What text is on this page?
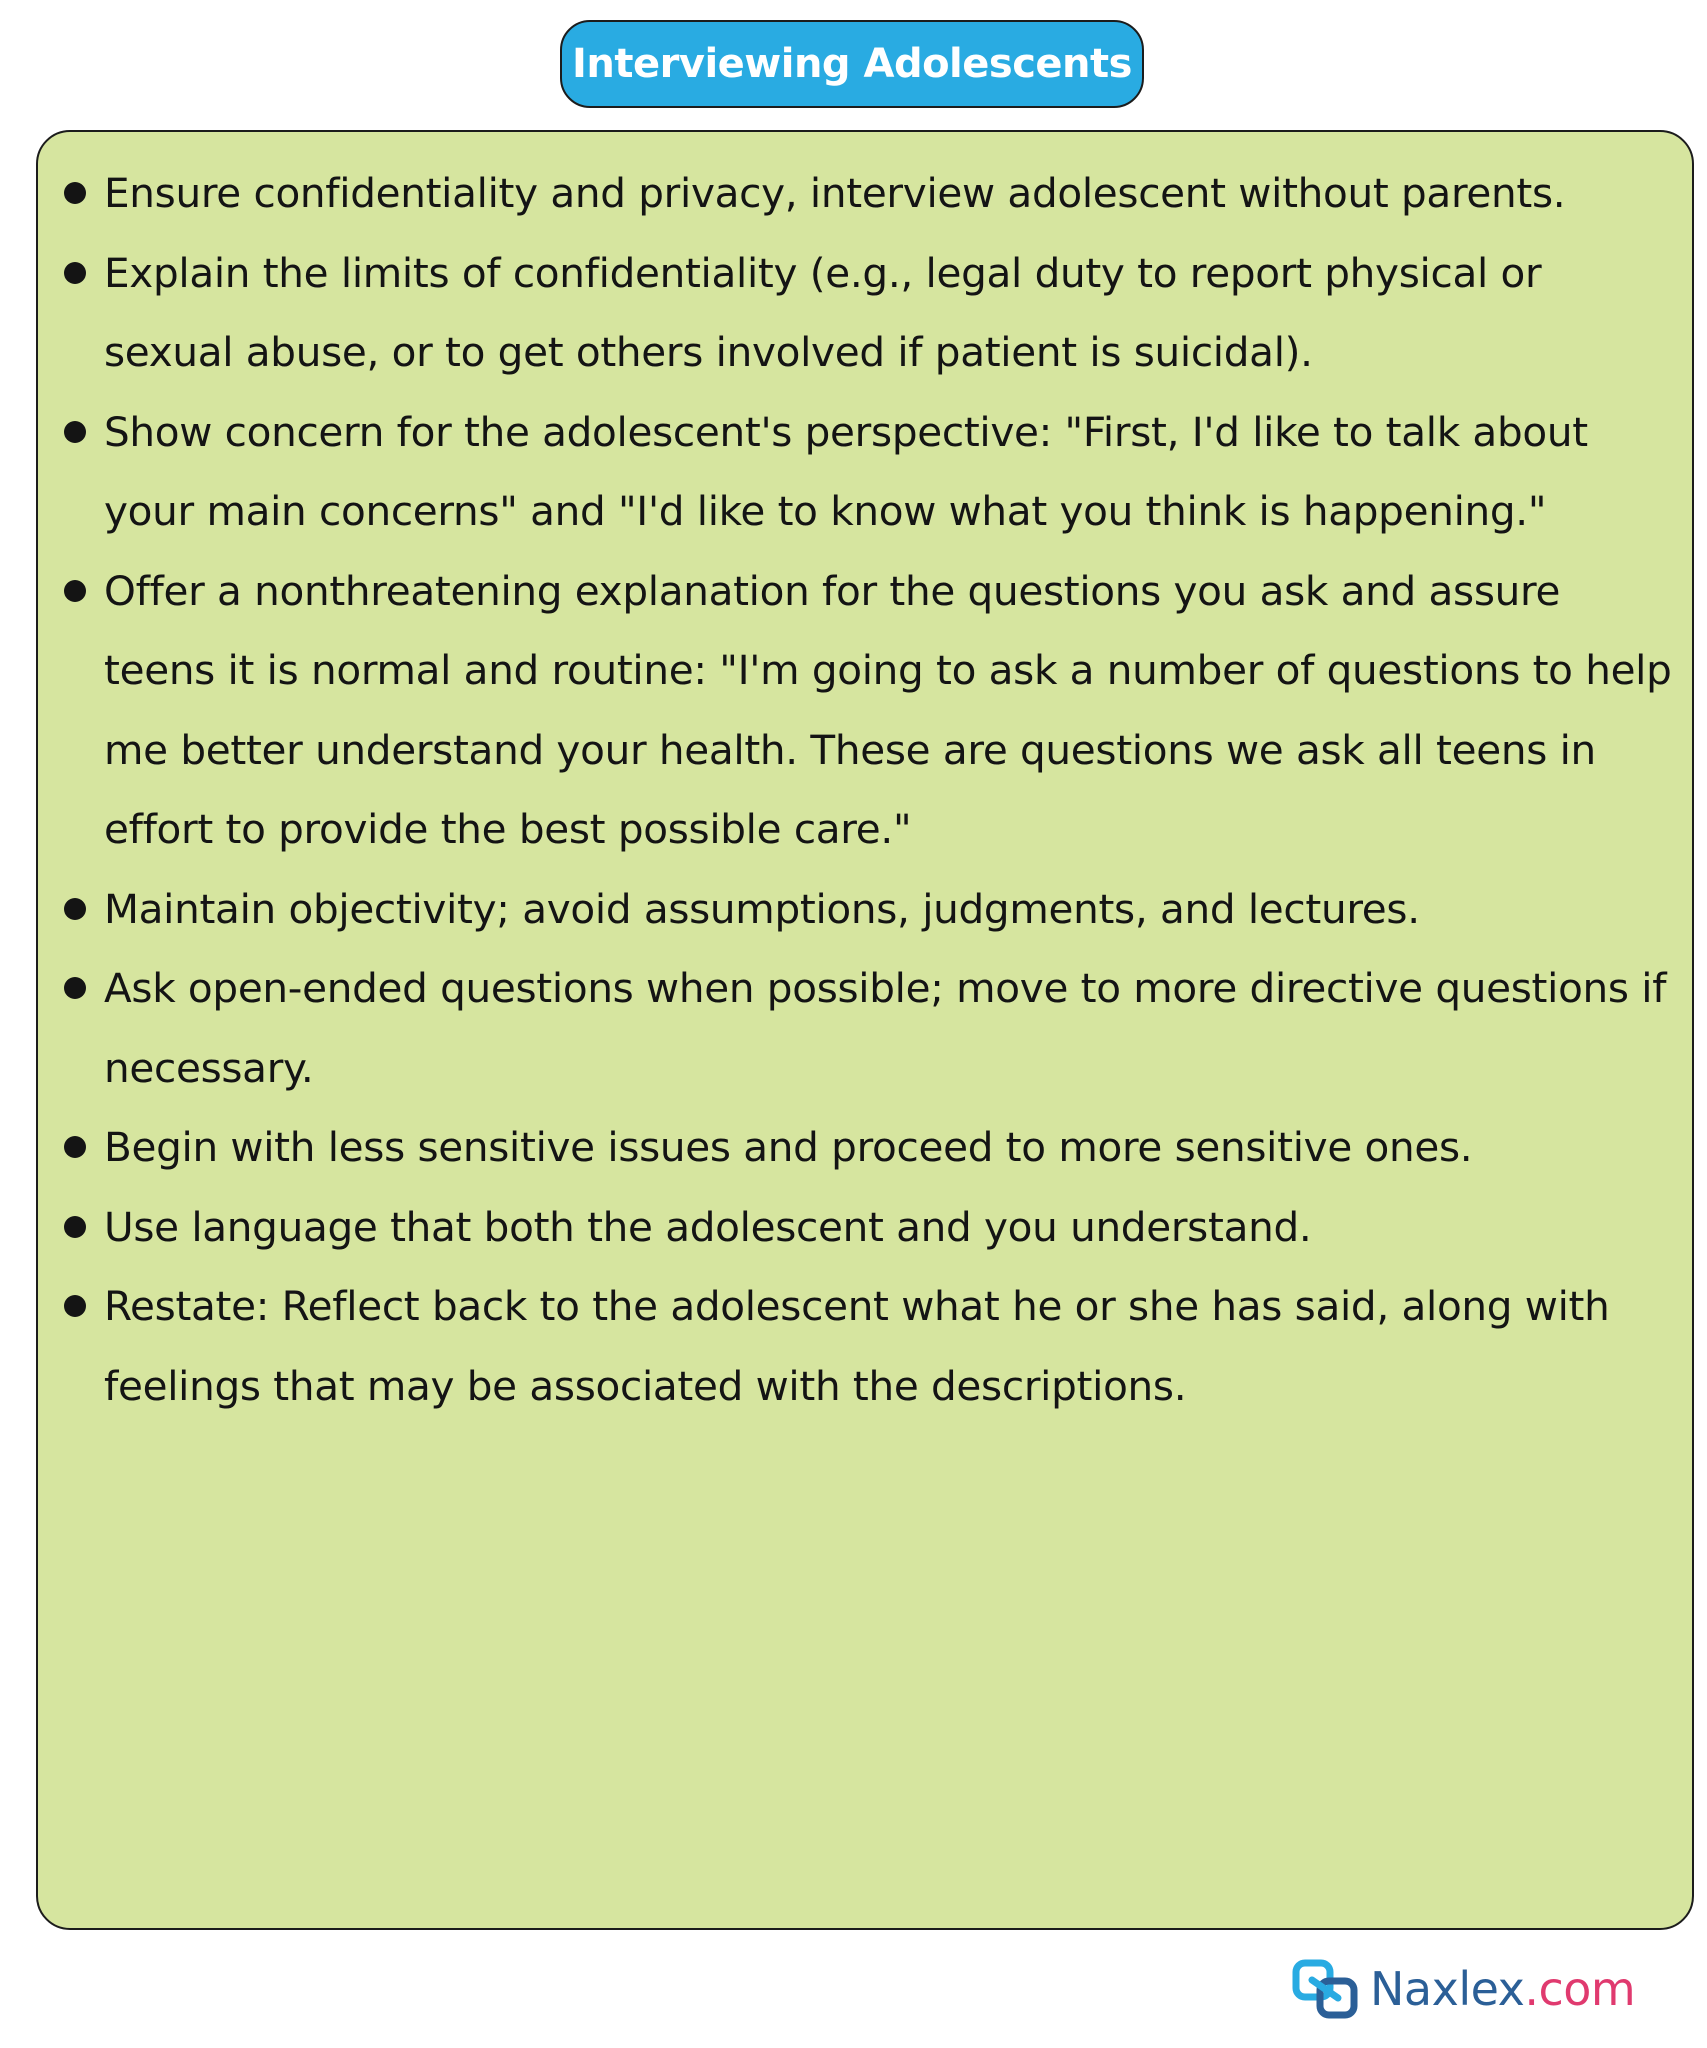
Interviewing Adolescents
Ensure confidentiality and privacy, interview adolescent without parents.
Explain the limits of confidentiality (e.g., legal duty to report physical or sexual abuse, or to get others involved if patient is suicidal).
Show concern for the adolescent's perspective: "First, I'd like to talk about your main concerns" and "I'd like to know what you think is happening."
Offer a nonthreatening explanation for the questions you ask and assure teens it is normal and routine: "I'm going to ask a number of questions to help me better understand your health. These are questions we ask all teens in effort to provide the best possible care."
Maintain objectivity; avoid assumptions, judgments, and lectures.
Ask open-ended questions when possible; move to more directive questions if necessary.
Begin with less sensitive issues and proceed to more sensitive ones.
Use language that both the adolescent and you understand.
Restate: Reflect back to the adolescent what he or she has said, along with feelings that may be associated with the descriptions.
Naxlex.com
